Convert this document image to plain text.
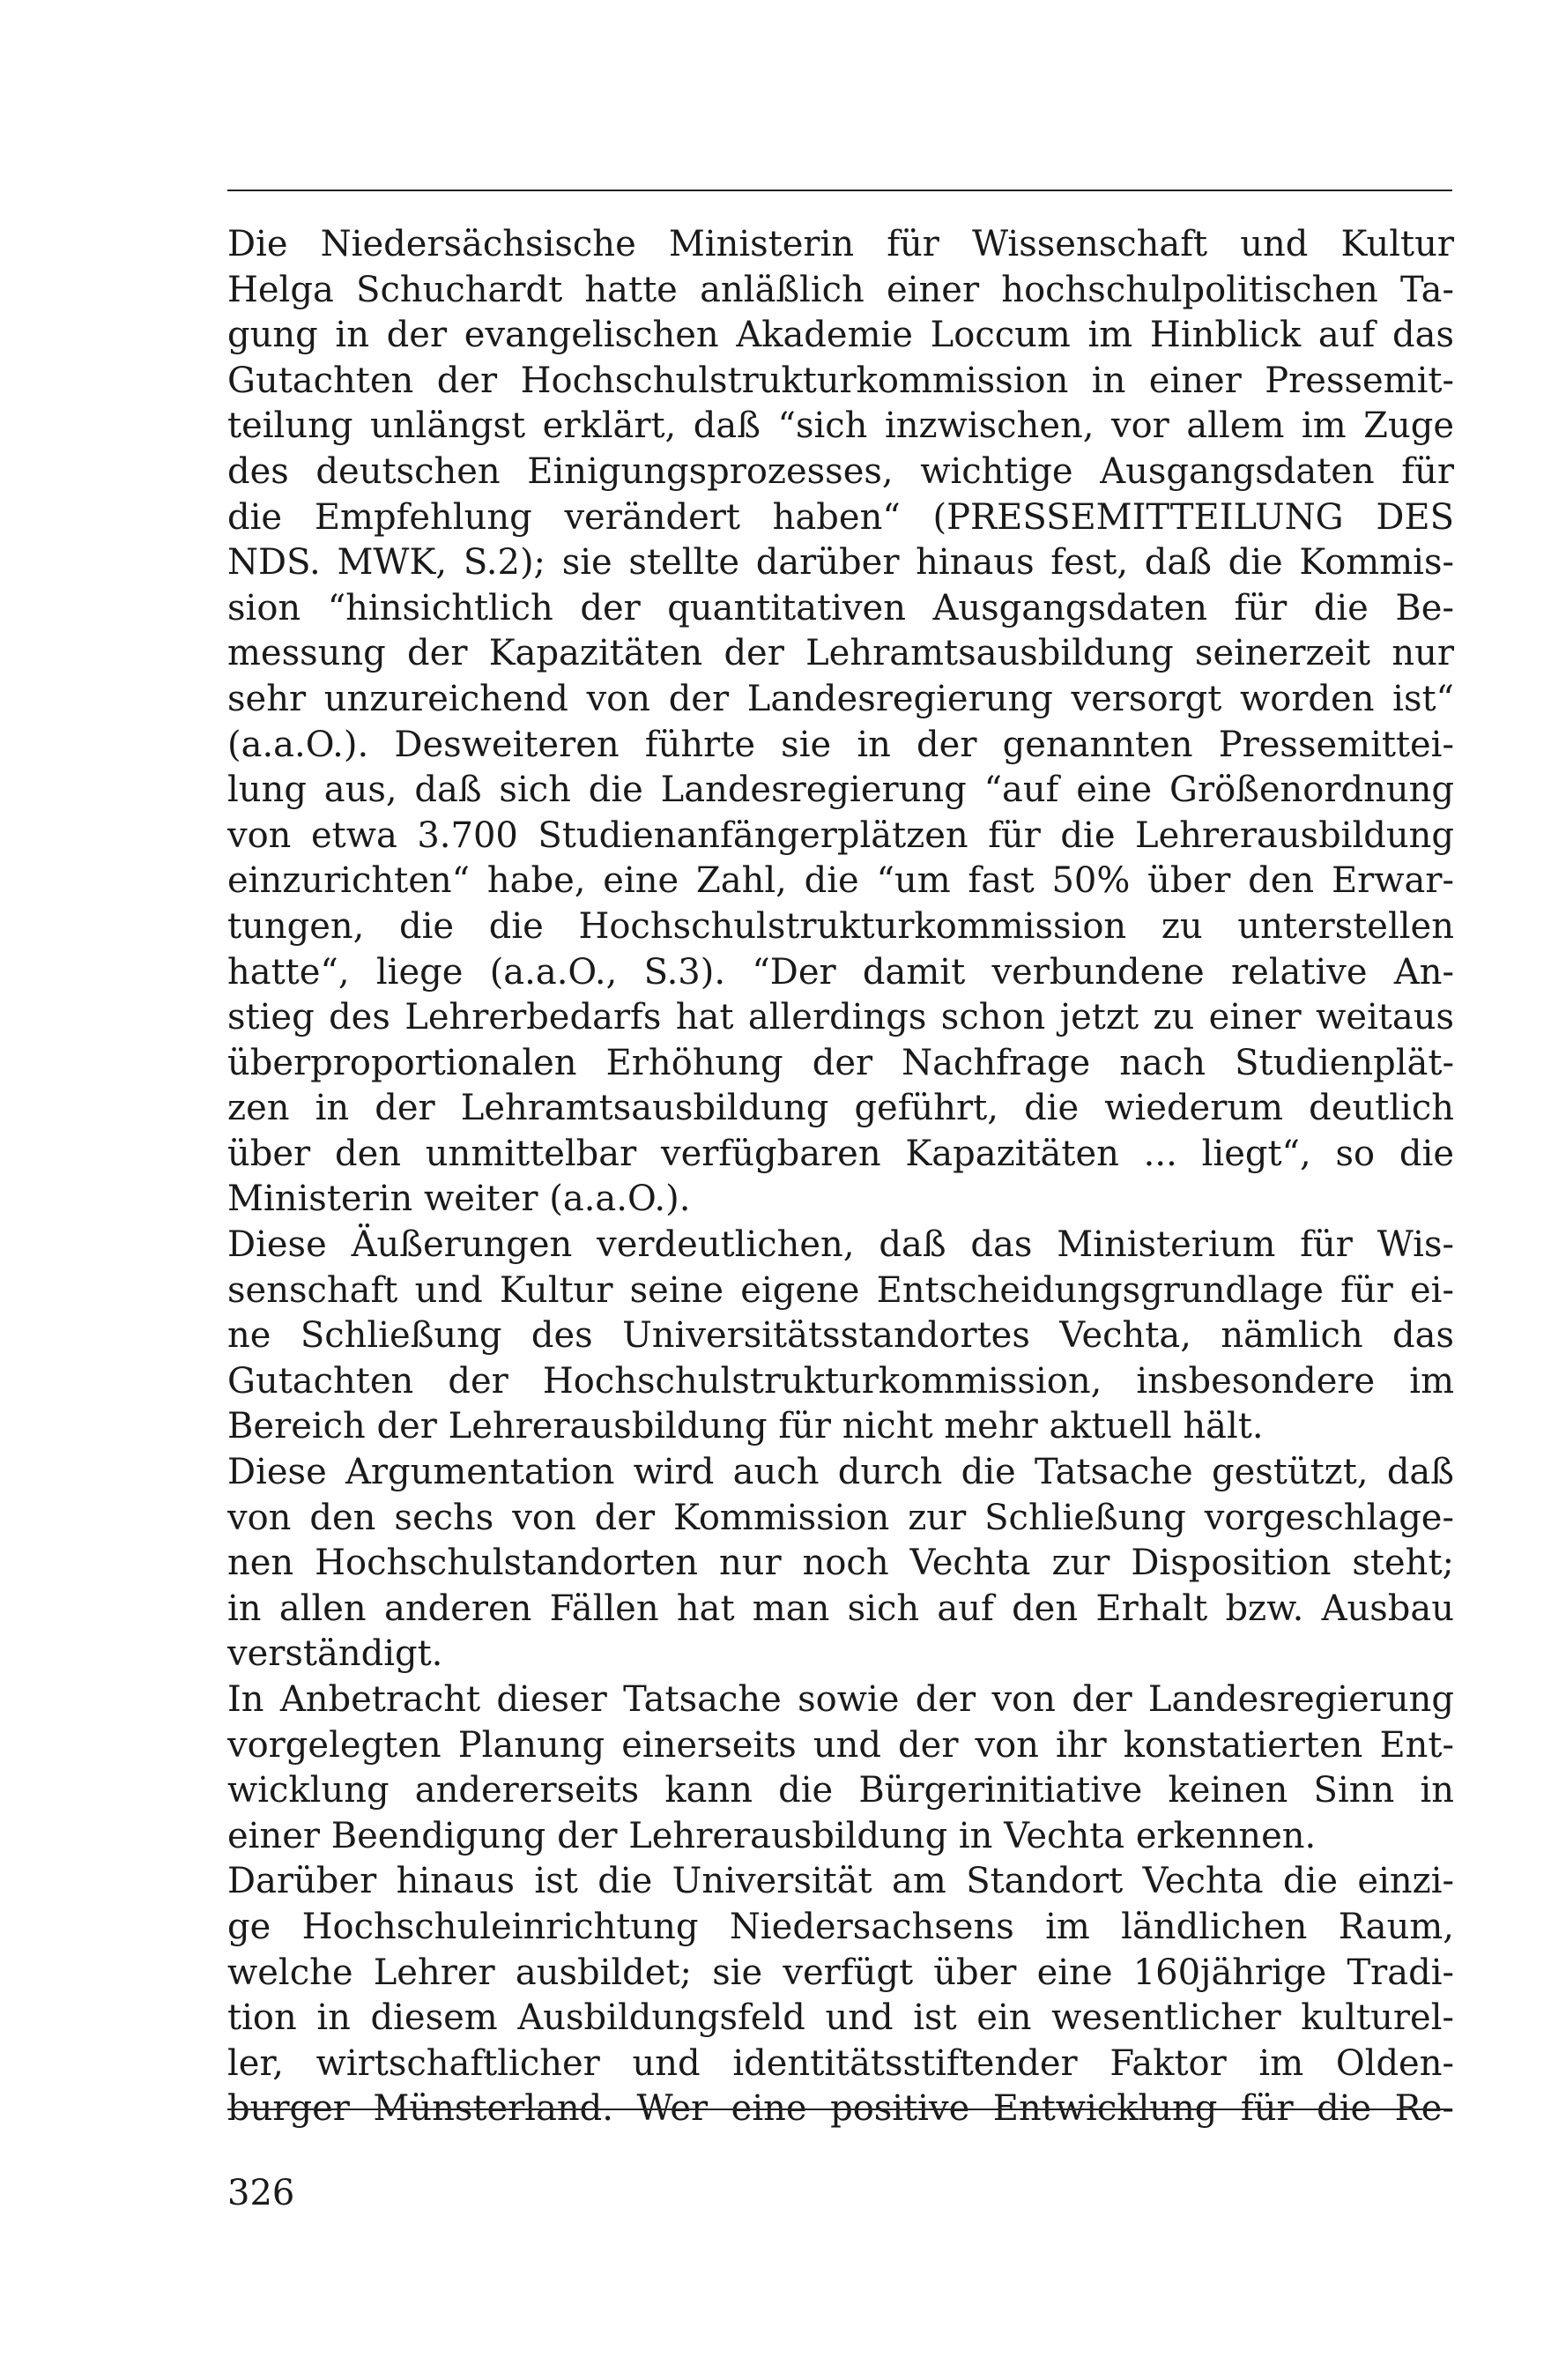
Die Niedersächsische Ministerin für Wissenschaft und Kultur
Helga Schuchardt hatte anläßlich einer hochschulpolitischen Ta-
gung in der evangelischen Akademie Loccum im Hinblick auf das
Gutachten der Hochschulstrukturkommission in einer Pressemit-
teilung unlängst erklärt, daß “sich inzwischen, vor allem im Zuge
des deutschen Einigungsprozesses, wichtige Ausgangsdaten für
die Empfehlung verändert haben“ (PRESSEMITTEILUNG DES
NDS. MWK, S.2); sie stellte darüber hinaus fest, daß die Kommis-
sion “hinsichtlich der quantitativen Ausgangsdaten für die Be-
messung der Kapazitäten der Lehramtsausbildung seinerzeit nur
sehr unzureichend von der Landesregierung versorgt worden ist“
(a.a.O.). Desweiteren führte sie in der genannten Pressemittei-
lung aus, daß sich die Landesregierung “auf eine Größenordnung
von etwa 3.700 Studienanfängerplätzen für die Lehrerausbildung
einzurichten“ habe, eine Zahl, die “um fast 50% über den Erwar-
tungen, die die Hochschulstrukturkommission zu unterstellen
hatte“, liege (a.a.O., S.3). “Der damit verbundene relative An-
stieg des Lehrerbedarfs hat allerdings schon jetzt zu einer weitaus
überproportionalen Erhöhung der Nachfrage nach Studienplät-
zen in der Lehramtsausbildung geführt, die wiederum deutlich
über den unmittelbar verfügbaren Kapazitäten ... liegt“, so die
Ministerin weiter (a.a.O.).
Diese Äußerungen verdeutlichen, daß das Ministerium für Wis-
senschaft und Kultur seine eigene Entscheidungsgrundlage für ei-
ne Schließung des Universitätsstandortes Vechta, nämlich das
Gutachten der Hochschulstrukturkommission, insbesondere im
Bereich der Lehrerausbildung für nicht mehr aktuell hält.
Diese Argumentation wird auch durch die Tatsache gestützt, daß
von den sechs von der Kommission zur Schließung vorgeschlage-
nen Hochschulstandorten nur noch Vechta zur Disposition steht;
in allen anderen Fällen hat man sich auf den Erhalt bzw. Ausbau
verständigt.
In Anbetracht dieser Tatsache sowie der von der Landesregierung
vorgelegten Planung einerseits und der von ihr konstatierten Ent-
wicklung andererseits kann die Bürgerinitiative keinen Sinn in
einer Beendigung der Lehrerausbildung in Vechta erkennen.
Darüber hinaus ist die Universität am Standort Vechta die einzi-
ge Hochschuleinrichtung Niedersachsens im ländlichen Raum,
welche Lehrer ausbildet; sie verfügt über eine 160jährige Tradi-
tion in diesem Ausbildungsfeld und ist ein wesentlicher kulturel-
ler, wirtschaftlicher und identitätsstiftender Faktor im Olden-
burger Münsterland. Wer eine positive Entwicklung für die Re-
326
